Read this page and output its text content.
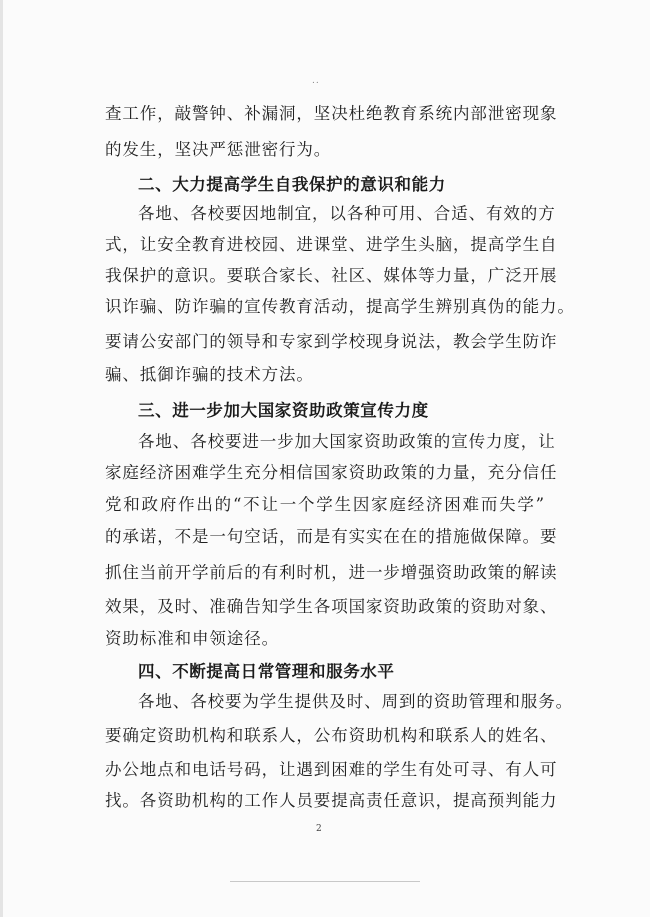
..
查工作，敲警钟、补漏洞，坚决杜绝教育系统内部泄密现象
的发生，坚决严惩泄密行为。
二、大力提高学生自我保护的意识和能力
各地、各校要因地制宜，以各种可用、合适、有效的方
式，让安全教育进校园、进课堂、进学生头脑，提高学生自
我保护的意识。要联合家长、社区、媒体等力量，广泛开展
识诈骗、防诈骗的宣传教育活动，提高学生辨别真伪的能力。
要请公安部门的领导和专家到学校现身说法，教会学生防诈
骗、抵御诈骗的技术方法。
三、进一步加大国家资助政策宣传力度
各地、各校要进一步加大国家资助政策的宣传力度，让
家庭经济困难学生充分相信国家资助政策的力量，充分信任
党和政府作出的“不让一个学生因家庭经济困难而失学”
的承诺，不是一句空话，而是有实实在在的措施做保障。要
抓住当前开学前后的有利时机，进一步增强资助政策的解读
效果，及时、准确告知学生各项国家资助政策的资助对象、
资助标准和申领途径。
四、不断提高日常管理和服务水平
各地、各校要为学生提供及时、周到的资助管理和服务。
要确定资助机构和联系人，公布资助机构和联系人的姓名、
办公地点和电话号码，让遇到困难的学生有处可寻、有人可
找。各资助机构的工作人员要提高责任意识，提高预判能力
2
